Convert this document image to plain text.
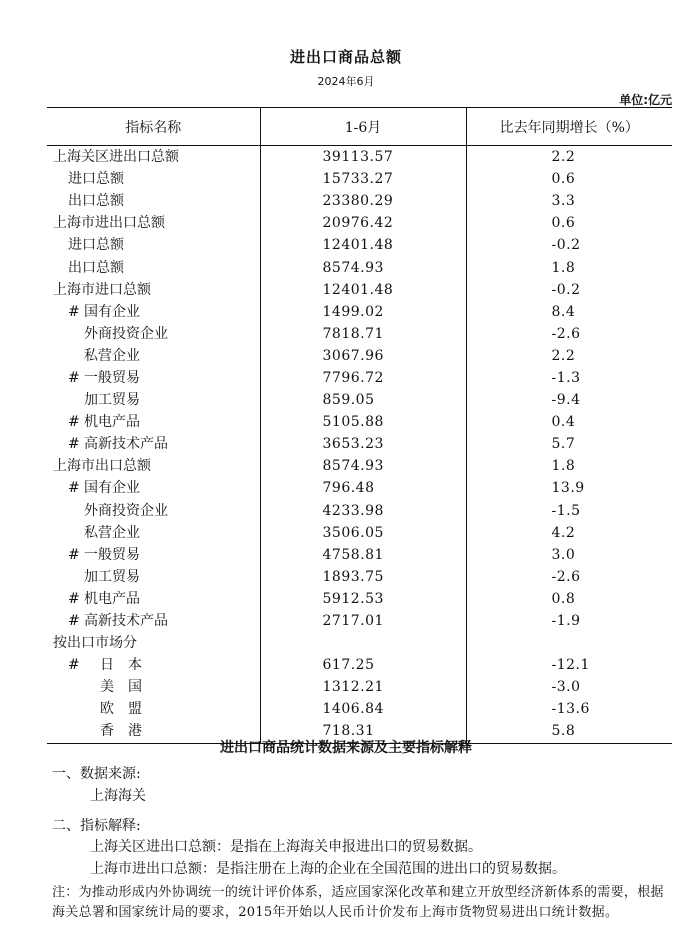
进出口商品总额
2024年6月
单位:亿元
指标名称	1-6月	比去年同期增长（%）
上海关区进出口总额	39113.57	2.2
进口总额	15733.27	0.6
出口总额	23380.29	3.3
上海市进出口总额	20976.42	0.6
进口总额	12401.48	-0.2
出口总额	8574.93	1.8
上海市进口总额	12401.48	-0.2
# 国有企业	1499.02	8.4
外商投资企业	7818.71	-2.6
私营企业	3067.96	2.2
# 一般贸易	7796.72	-1.3
加工贸易	859.05	-9.4
# 机电产品	5105.88	0.4
# 高新技术产品	3653.23	5.7
上海市出口总额	8574.93	1.8
# 国有企业	796.48	13.9
外商投资企业	4233.98	-1.5
私营企业	3506.05	4.2
# 一般贸易	4758.81	3.0
加工贸易	1893.75	-2.6
# 机电产品	5912.53	0.8
# 高新技术产品	2717.01	-1.9
按出口市场分		
# 日　本	617.25	-12.1
美　国	1312.21	-3.0
欧　盟	1406.84	-13.6
香　港	718.31	5.8
进出口商品统计数据来源及主要指标解释
一、数据来源:
上海海关
二、指标解释:
上海关区进出口总额：是指在上海海关申报进出口的贸易数据。
上海市进出口总额：是指注册在上海的企业在全国范围的进出口的贸易数据。
注：为推动形成内外协调统一的统计评价体系，适应国家深化改革和建立开放型经济新体系的需要，根据海关总署和国家统计局的要求，2015年开始以人民币计价发布上海市货物贸易进出口统计数据。
